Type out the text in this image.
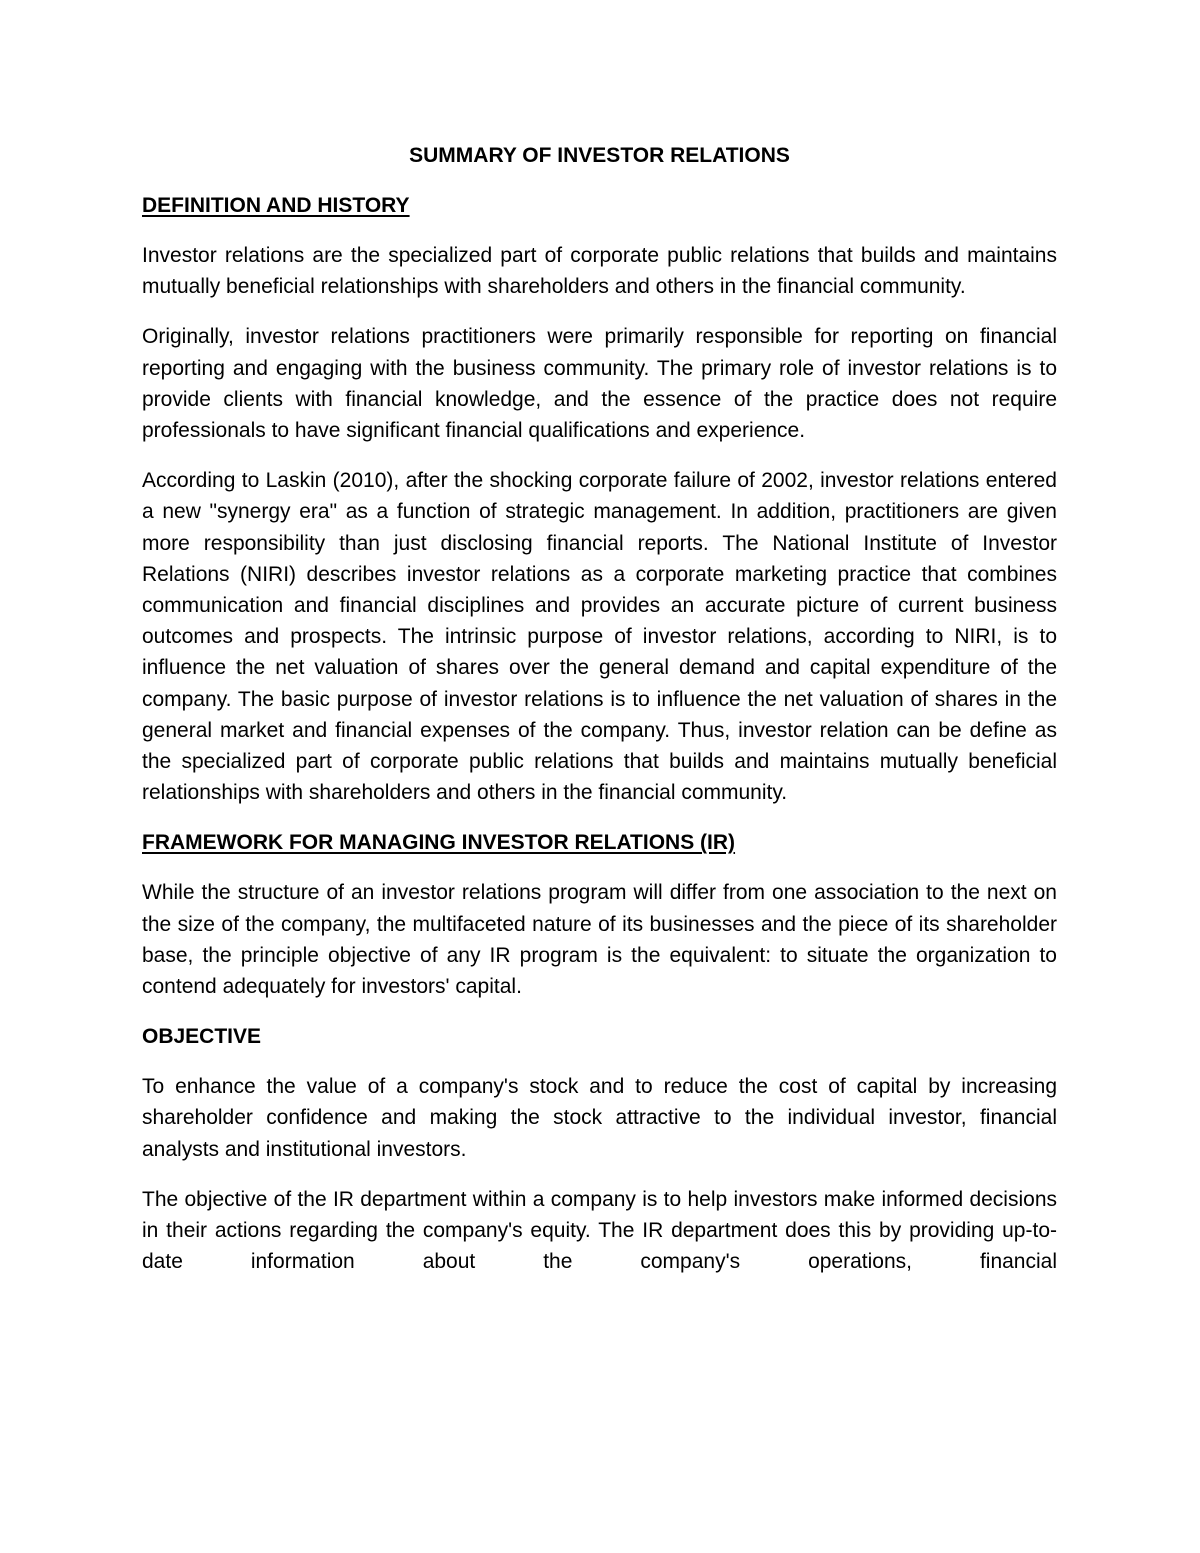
SUMMARY OF INVESTOR RELATIONS
DEFINITION AND HISTORY

Investor relations are the specialized part of corporate public relations that builds and maintains mutually beneficial relationships with shareholders and others in the financial community.

Originally, investor relations practitioners were primarily responsible for reporting on financial reporting and engaging with the business community. The primary role of investor relations is to provide clients with financial knowledge, and the essence of the practice does not require professionals to have significant financial qualifications and experience.

According to Laskin (2010), after the shocking corporate failure of 2002, investor relations entered a new "synergy era" as a function of strategic management. In addition, practitioners are given more responsibility than just disclosing financial reports. The National Institute of Investor Relations (NIRI) describes investor relations as a corporate marketing practice that combines communication and financial disciplines and provides an accurate picture of current business outcomes and prospects. The intrinsic purpose of investor relations, according to NIRI, is to influence the net valuation of shares over the general demand and capital expenditure of the company. The basic purpose of investor relations is to influence the net valuation of shares in the general market and financial expenses of the company. Thus, investor relation can be define as the specialized part of corporate public relations that builds and maintains mutually beneficial relationships with shareholders and others in the financial community.

FRAMEWORK FOR MANAGING INVESTOR RELATIONS (IR)

While the structure of an investor relations program will differ from one association to the next on the size of the company, the multifaceted nature of its businesses and the piece of its shareholder base, the principle objective of any IR program is the equivalent: to situate the organization to contend adequately for investors' capital.

OBJECTIVE

To enhance the value of a company's stock and to reduce the cost of capital by increasing shareholder confidence and making the stock attractive to the individual investor, financial analysts and institutional investors.

The objective of the IR department within a company is to help investors make informed decisions in their actions regarding the company's equity. The IR department does this by providing up-to-date information about the company's operations, financial
